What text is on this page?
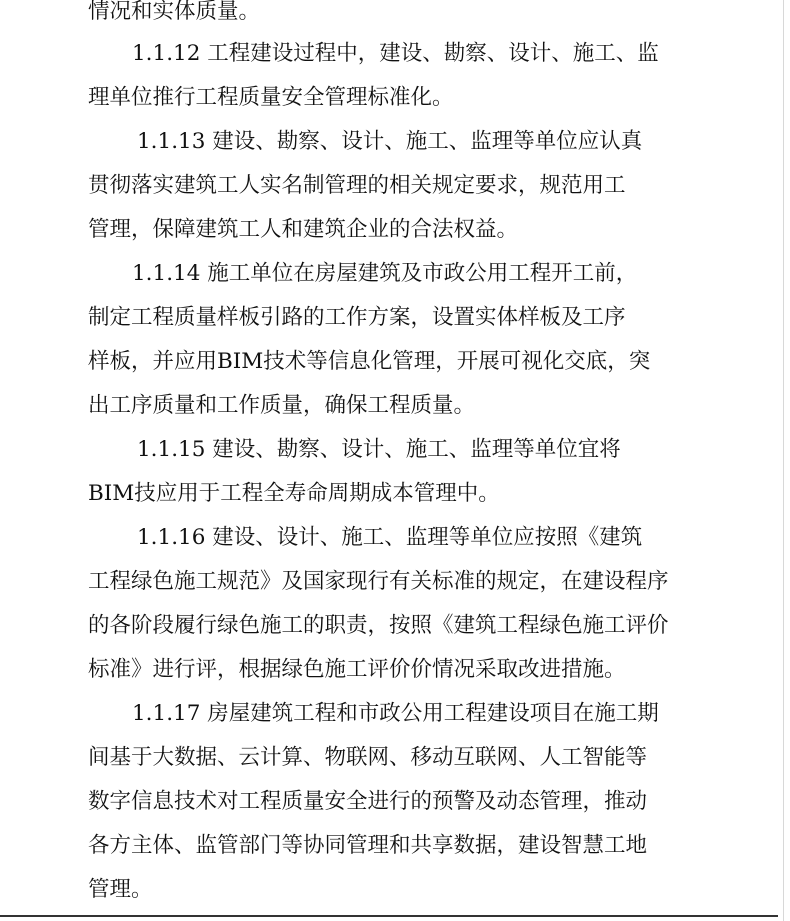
情况和实体质量。
1.1.12 工程建设过程中，建设、勘察、设计、施工、监
理单位推行工程质量安全管理标准化。
1.1.13 建设、勘察、设计、施工、监理等单位应认真
贯彻落实建筑工人实名制管理的相关规定要求，规范用工
管理，保障建筑工人和建筑企业的合法权益。
1.1.14 施工单位在房屋建筑及市政公用工程开工前，
制定工程质量样板引路的工作方案，设置实体样板及工序
样板，并应用BIM技术等信息化管理，开展可视化交底，突
出工序质量和工作质量，确保工程质量。
1.1.15 建设、勘察、设计、施工、监理等单位宜将
BIM技应用于工程全寿命周期成本管理中。
1.1.16 建设、设计、施工、监理等单位应按照《建筑
工程绿色施工规范》及国家现行有关标准的规定，在建设程序
的各阶段履行绿色施工的职责，按照《建筑工程绿色施工评价
标准》进行评，根据绿色施工评价价情况采取改进措施。
1.1.17 房屋建筑工程和市政公用工程建设项目在施工期
间基于大数据、云计算、物联网、移动互联网、人工智能等
数字信息技术对工程质量安全进行的预警及动态管理，推动
各方主体、监管部门等协同管理和共享数据，建设智慧工地
管理。
